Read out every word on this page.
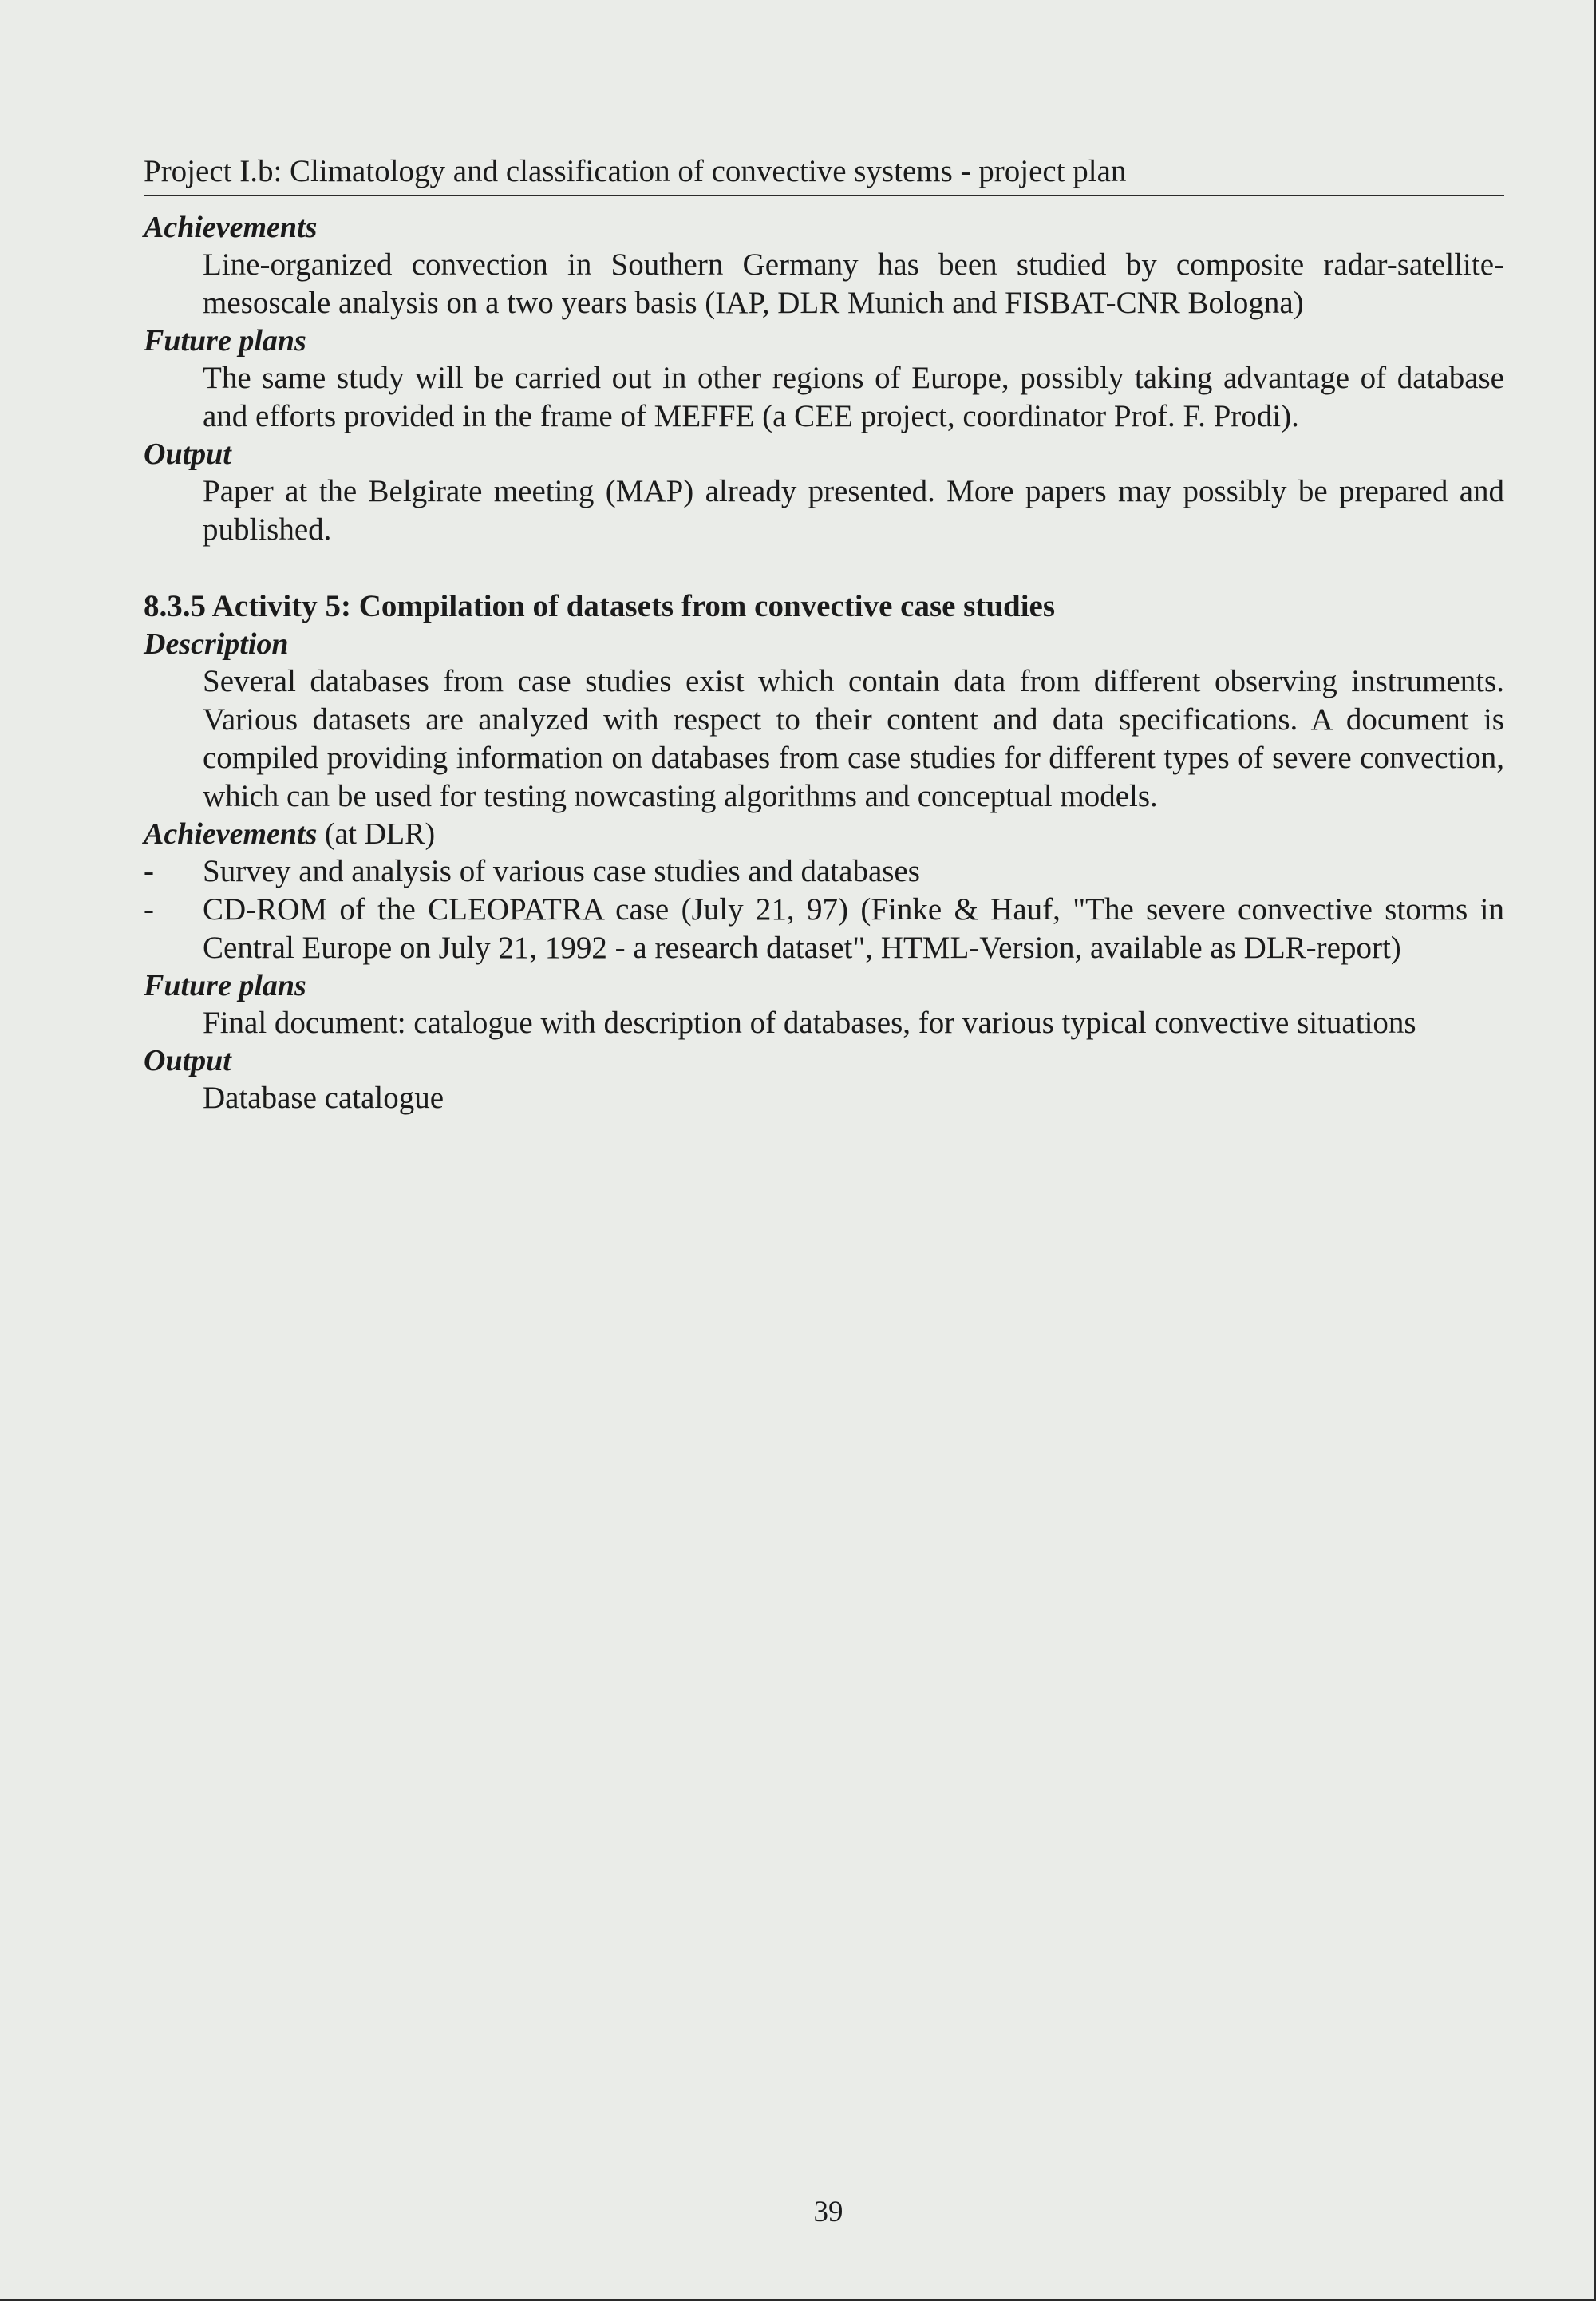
Project I.b: Climatology and classification of convective systems - project plan
Achievements

Line-organized convection in Southern Germany has been studied by composite radar-satellite-mesoscale analysis on a two years basis (IAP, DLR Munich and FISBAT-CNR Bologna)

Future plans

The same study will be carried out in other regions of Europe, possibly taking advantage of database and efforts provided in the frame of MEFFE (a CEE project, coordinator Prof. F. Prodi).

Output

Paper at the Belgirate meeting (MAP) already presented. More papers may possibly be prepared and published.

8.3.5 Activity 5: Compilation of datasets from convective case studies
Description

Several databases from case studies exist which contain data from different observing instruments. Various datasets are analyzed with respect to their content and data specifications. A document is compiled providing information on databases from case studies for different types of severe convection, which can be used for testing nowcasting algorithms and conceptual models.

Achievements (at DLR)
-	Survey and analysis of various case studies and databases
-	CD-ROM of the CLEOPATRA case (July 21, 97) (Finke & Hauf, "The severe convective storms in Central Europe on July 21, 1992 - a research dataset", HTML-Version, available as DLR-report)
Future plans

Final document: catalogue with description of databases, for various typical convective situations

Output

Database catalogue

39
